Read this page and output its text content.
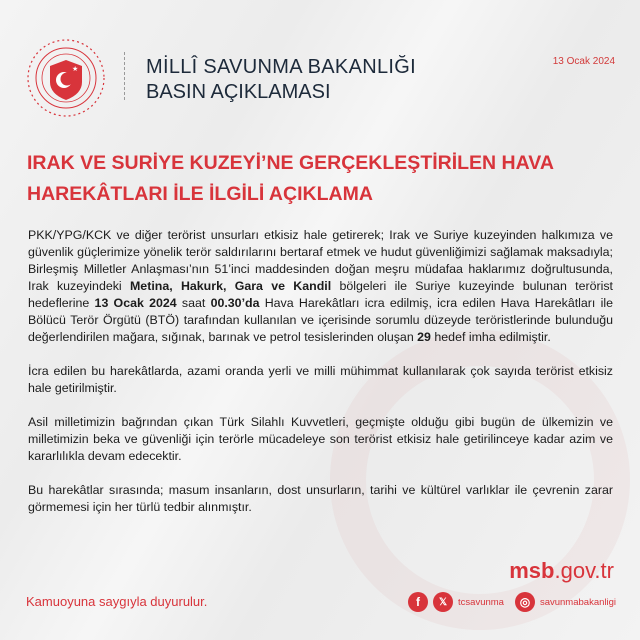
★	MİLLÎ SAVUNMA BAKANLIĞI
BASIN AÇIKLAMASI
13 Ocak 2024
IRAK VE SURİYE KUZEYİ’NE GERÇEKLEŞTİRİLEN HAVA HAREKÂTLARI İLE İLGİLİ AÇIKLAMA

PKK/YPG/KCK ve diğer terörist unsurları etkisiz hale getirerek; Irak ve Suriye kuzeyinden halkımıza ve güvenlik güçlerimize yönelik terör saldırılarını bertaraf etmek ve hudut güvenliğimizi sağlamak maksadıyla; Birleşmiş Milletler Anlaşması’nın 51’inci maddesinden doğan meşru müdafaa haklarımız doğrultusunda, Irak kuzeyindeki Metina, Hakurk, Gara ve Kandil bölgeleri ile Suriye kuzeyinde bulunan terörist hedeflerine 13 Ocak 2024 saat 00.30’da Hava Harekâtları icra edilmiş, icra edilen Hava Harekâtları ile Bölücü Terör Örgütü (BTÖ) tarafından kullanılan ve içerisinde sorumlu düzeyde teröristlerinde bulunduğu değerlendirilen mağara, sığınak, barınak ve petrol tesislerinden oluşan 29 hedef imha edilmiştir.

İcra edilen bu harekâtlarda, azami oranda yerli ve milli mühimmat kullanılarak çok sayıda terörist etkisiz hale getirilmiştir.

Asil milletimizin bağrından çıkan Türk Silahlı Kuvvetleri, geçmişte olduğu gibi bugün de ülkemizin ve milletimizin beka ve güvenliği için terörle mücadeleye son terörist etkisiz hale getirilinceye kadar azim ve kararlılıkla devam edecektir.

Bu harekâtlar sırasında; masum insanların, dost unsurların, tarihi ve kültürel varlıklar ile çevrenin zarar görmemesi için her türlü tedbir alınmıştır.

msb.gov.tr
Kamuoyuna saygıyla duyurulur.	f	𝕏	tcsavunma	◎	savunmabakanligi
